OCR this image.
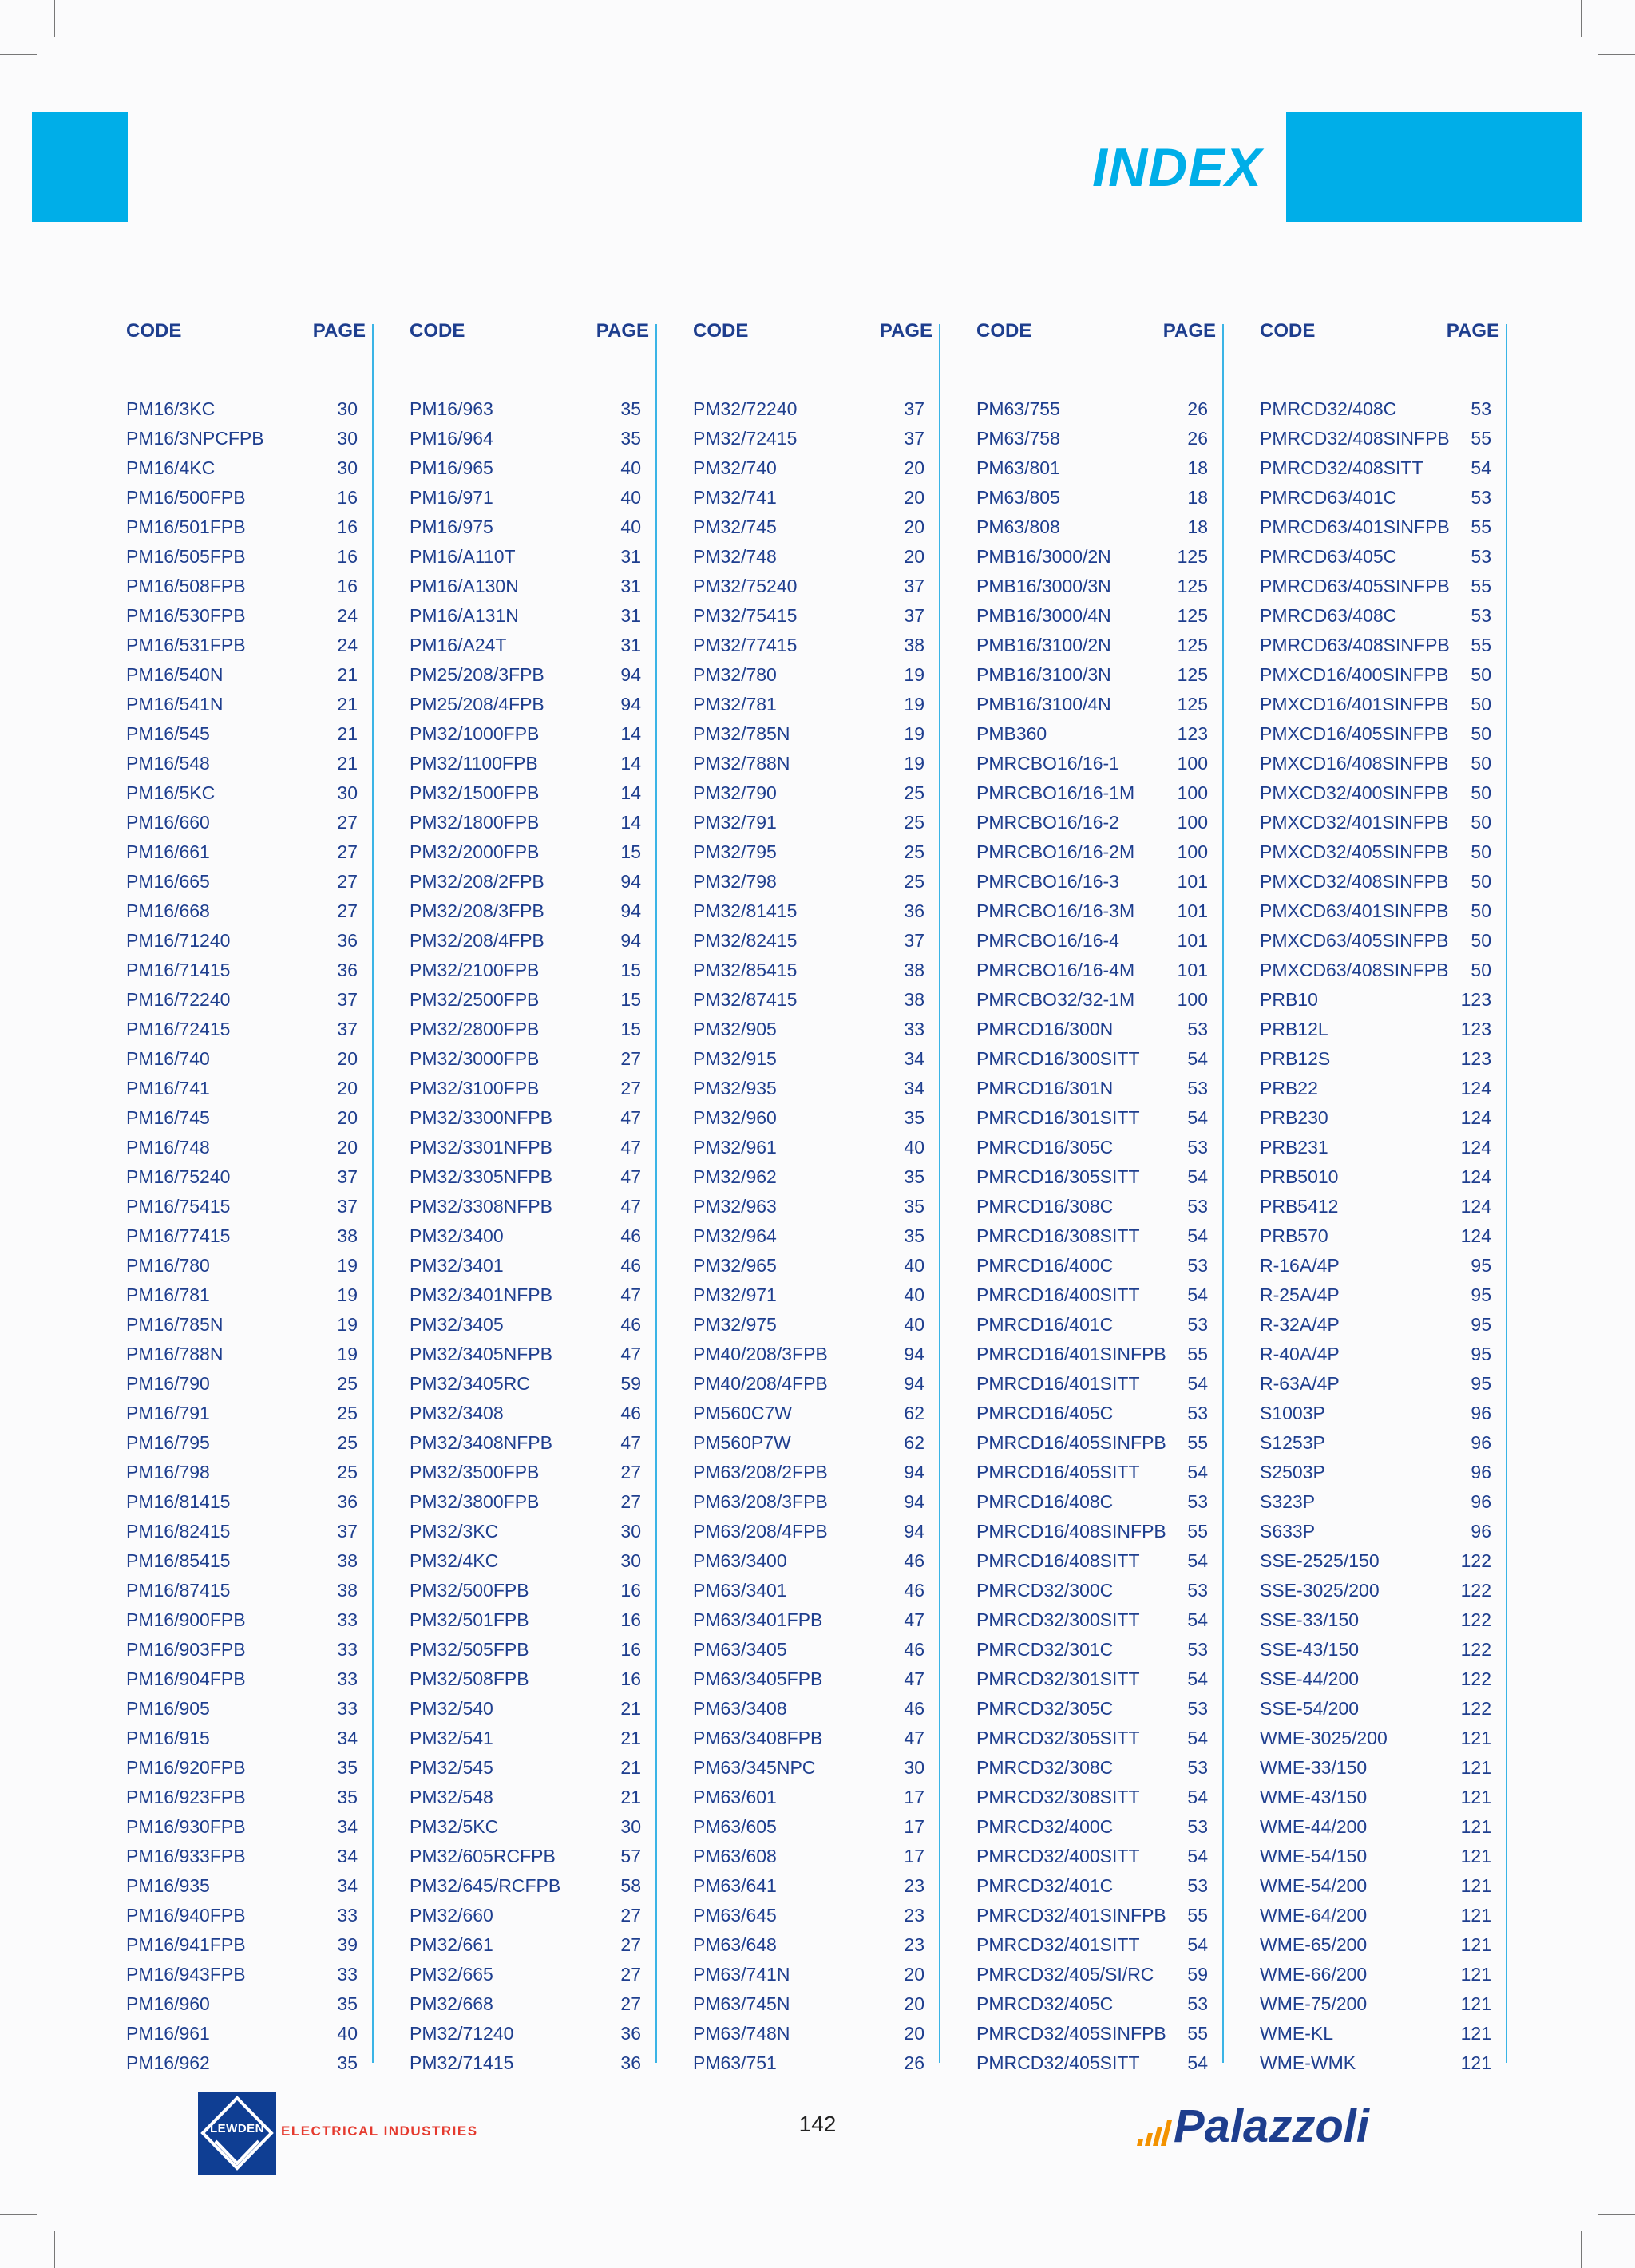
INDEX
CODE	PAGE
PM16/3KC	30
PM16/3NPCFPB	30
PM16/4KC	30
PM16/500FPB	16
PM16/501FPB	16
PM16/505FPB	16
PM16/508FPB	16
PM16/530FPB	24
PM16/531FPB	24
PM16/540N	21
PM16/541N	21
PM16/545	21
PM16/548	21
PM16/5KC	30
PM16/660	27
PM16/661	27
PM16/665	27
PM16/668	27
PM16/71240	36
PM16/71415	36
PM16/72240	37
PM16/72415	37
PM16/740	20
PM16/741	20
PM16/745	20
PM16/748	20
PM16/75240	37
PM16/75415	37
PM16/77415	38
PM16/780	19
PM16/781	19
PM16/785N	19
PM16/788N	19
PM16/790	25
PM16/791	25
PM16/795	25
PM16/798	25
PM16/81415	36
PM16/82415	37
PM16/85415	38
PM16/87415	38
PM16/900FPB	33
PM16/903FPB	33
PM16/904FPB	33
PM16/905	33
PM16/915	34
PM16/920FPB	35
PM16/923FPB	35
PM16/930FPB	34
PM16/933FPB	34
PM16/935	34
PM16/940FPB	33
PM16/941FPB	39
PM16/943FPB	33
PM16/960	35
PM16/961	40
PM16/962	35
CODE	PAGE
PM16/963	35
PM16/964	35
PM16/965	40
PM16/971	40
PM16/975	40
PM16/A110T	31
PM16/A130N	31
PM16/A131N	31
PM16/A24T	31
PM25/208/3FPB	94
PM25/208/4FPB	94
PM32/1000FPB	14
PM32/1100FPB	14
PM32/1500FPB	14
PM32/1800FPB	14
PM32/2000FPB	15
PM32/208/2FPB	94
PM32/208/3FPB	94
PM32/208/4FPB	94
PM32/2100FPB	15
PM32/2500FPB	15
PM32/2800FPB	15
PM32/3000FPB	27
PM32/3100FPB	27
PM32/3300NFPB	47
PM32/3301NFPB	47
PM32/3305NFPB	47
PM32/3308NFPB	47
PM32/3400	46
PM32/3401	46
PM32/3401NFPB	47
PM32/3405	46
PM32/3405NFPB	47
PM32/3405RC	59
PM32/3408	46
PM32/3408NFPB	47
PM32/3500FPB	27
PM32/3800FPB	27
PM32/3KC	30
PM32/4KC	30
PM32/500FPB	16
PM32/501FPB	16
PM32/505FPB	16
PM32/508FPB	16
PM32/540	21
PM32/541	21
PM32/545	21
PM32/548	21
PM32/5KC	30
PM32/605RCFPB	57
PM32/645/RCFPB	58
PM32/660	27
PM32/661	27
PM32/665	27
PM32/668	27
PM32/71240	36
PM32/71415	36
CODE	PAGE
PM32/72240	37
PM32/72415	37
PM32/740	20
PM32/741	20
PM32/745	20
PM32/748	20
PM32/75240	37
PM32/75415	37
PM32/77415	38
PM32/780	19
PM32/781	19
PM32/785N	19
PM32/788N	19
PM32/790	25
PM32/791	25
PM32/795	25
PM32/798	25
PM32/81415	36
PM32/82415	37
PM32/85415	38
PM32/87415	38
PM32/905	33
PM32/915	34
PM32/935	34
PM32/960	35
PM32/961	40
PM32/962	35
PM32/963	35
PM32/964	35
PM32/965	40
PM32/971	40
PM32/975	40
PM40/208/3FPB	94
PM40/208/4FPB	94
PM560C7W	62
PM560P7W	62
PM63/208/2FPB	94
PM63/208/3FPB	94
PM63/208/4FPB	94
PM63/3400	46
PM63/3401	46
PM63/3401FPB	47
PM63/3405	46
PM63/3405FPB	47
PM63/3408	46
PM63/3408FPB	47
PM63/345NPC	30
PM63/601	17
PM63/605	17
PM63/608	17
PM63/641	23
PM63/645	23
PM63/648	23
PM63/741N	20
PM63/745N	20
PM63/748N	20
PM63/751	26
CODE	PAGE
PM63/755	26
PM63/758	26
PM63/801	18
PM63/805	18
PM63/808	18
PMB16/3000/2N	125
PMB16/3000/3N	125
PMB16/3000/4N	125
PMB16/3100/2N	125
PMB16/3100/3N	125
PMB16/3100/4N	125
PMB360	123
PMRCBO16/16-1	100
PMRCBO16/16-1M 100
PMRCBO16/16-2	100
PMRCBO16/16-2M 100
PMRCBO16/16-3	101
PMRCBO16/16-3M 101
PMRCBO16/16-4	101
PMRCBO16/16-4M 101
PMRCBO32/32-1M 100
PMRCD16/300N	53
PMRCD16/300SITT	54
PMRCD16/301N	53
PMRCD16/301SITT	54
PMRCD16/305C	53
PMRCD16/305SITT	54
PMRCD16/308C	53
PMRCD16/308SITT	54
PMRCD16/400C	53
PMRCD16/400SITT	54
PMRCD16/401C	53
PMRCD16/401SINFPB 55
PMRCD16/401SITT	54
PMRCD16/405C	53
PMRCD16/405SINFPB 55
PMRCD16/405SITT	54
PMRCD16/408C	53
PMRCD16/408SINFPB 55
PMRCD16/408SITT	54
PMRCD32/300C	53
PMRCD32/300SITT	54
PMRCD32/301C	53
PMRCD32/301SITT	54
PMRCD32/305C	53
PMRCD32/305SITT	54
PMRCD32/308C	53
PMRCD32/308SITT	54
PMRCD32/400C	53
PMRCD32/400SITT	54
PMRCD32/401C	53
PMRCD32/401SINFPB 55
PMRCD32/401SITT	54
PMRCD32/405/SI/RC 59
PMRCD32/405C	53
PMRCD32/405SINFPB 55
PMRCD32/405SITT	54
CODE	PAGE
PMRCD32/408C	53
PMRCD32/408SINFPB 55
PMRCD32/408SITT	54
PMRCD63/401C	53
PMRCD63/401SINFPB 55
PMRCD63/405C	53
PMRCD63/405SINFPB 55
PMRCD63/408C	53
PMRCD63/408SINFPB 55
PMXCD16/400SINFPB 50
PMXCD16/401SINFPB 50
PMXCD16/405SINFPB 50
PMXCD16/408SINFPB 50
PMXCD32/400SINFPB 50
PMXCD32/401SINFPB 50
PMXCD32/405SINFPB 50
PMXCD32/408SINFPB 50
PMXCD63/401SINFPB 50
PMXCD63/405SINFPB 50
PMXCD63/408SINFPB 50
PRB10	123
PRB12L	123
PRB12S	123
PRB22	124
PRB230	124
PRB231	124
PRB5010	124
PRB5412	124
PRB570	124
R-16A/4P	95
R-25A/4P	95
R-32A/4P	95
R-40A/4P	95
R-63A/4P	95
S1003P	96
S1253P	96
S2503P	96
S323P	96
S633P	96
SSE-2525/150	122
SSE-3025/200	122
SSE-33/150	122
SSE-43/150	122
SSE-44/200	122
SSE-54/200	122
WME-3025/200	121
WME-33/150	121
WME-43/150	121
WME-44/200	121
WME-54/150	121
WME-54/200	121
WME-64/200	121
WME-65/200	121
WME-66/200	121
WME-75/200	121
WME-KL	121
WME-WMK	121
LEWDEN	ELECTRICAL INDUSTRIES	142	Palazzoli
